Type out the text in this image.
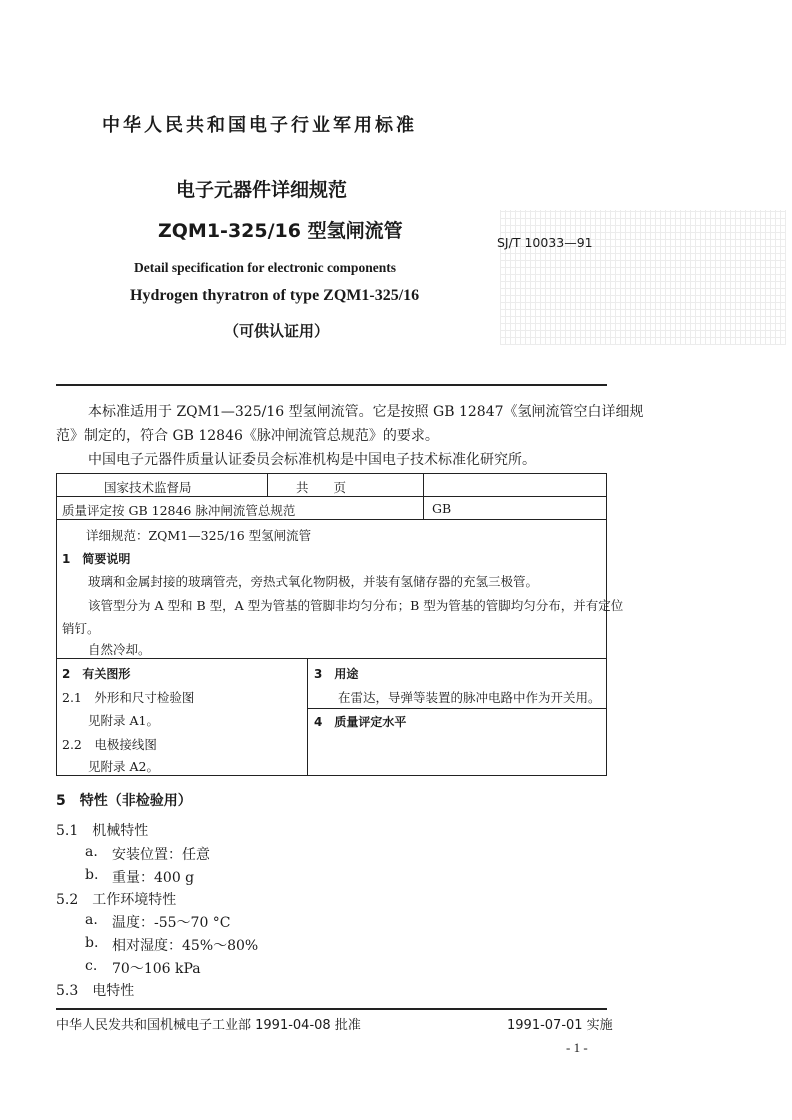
中华人民共和国电子行业军用标准
电子元器件详细规范
ZQM1-325/16 型氢闸流管
SJ/T 10033—91
Detail specification for electronic components
Hydrogen thyratron of type ZQM1-325/16
（可供认证用）
本标准适用于 ZQM1—325/16 型氢闸流管。它是按照 GB 12847《氢闸流管空白详细规
范》制定的，符合 GB 12846《脉冲闸流管总规范》的要求。
中国电子元器件质量认证委员会标准机构是中国电子技术标准化研究所。
国家技术监督局	共　　页
质量评定按 GB 12846 脉冲闸流管总规范	GB
详细规范：ZQM1—325/16 型氢闸流管
1　简要说明
玻璃和金属封接的玻璃管壳，旁热式氧化物阴极，并装有氢储存器的充氢三极管。
该管型分为 A 型和 B 型，A 型为管基的管脚非均匀分布；B 型为管基的管脚均匀分布，并有定位
销钉。
自然冷却。
2　有关图形
2.1　外形和尺寸检验图
见附录 A1。
2.2　电极接线图
见附录 A2。
3　用途
在雷达，导弹等装置的脉冲电路中作为开关用。
4　质量评定水平
5　特性（非检验用）
5.1　机械特性
a. 安装位置：任意
b. 重量：400 g
5.2　工作环境特性
a. 温度：-55～70 °C
b. 相对湿度：45%～80%
c. 70～106 kPa
5.3　电特性
中华人民发共和国机械电子工业部 1991-04-08 批准	1991-07-01 实施
- 1 -
